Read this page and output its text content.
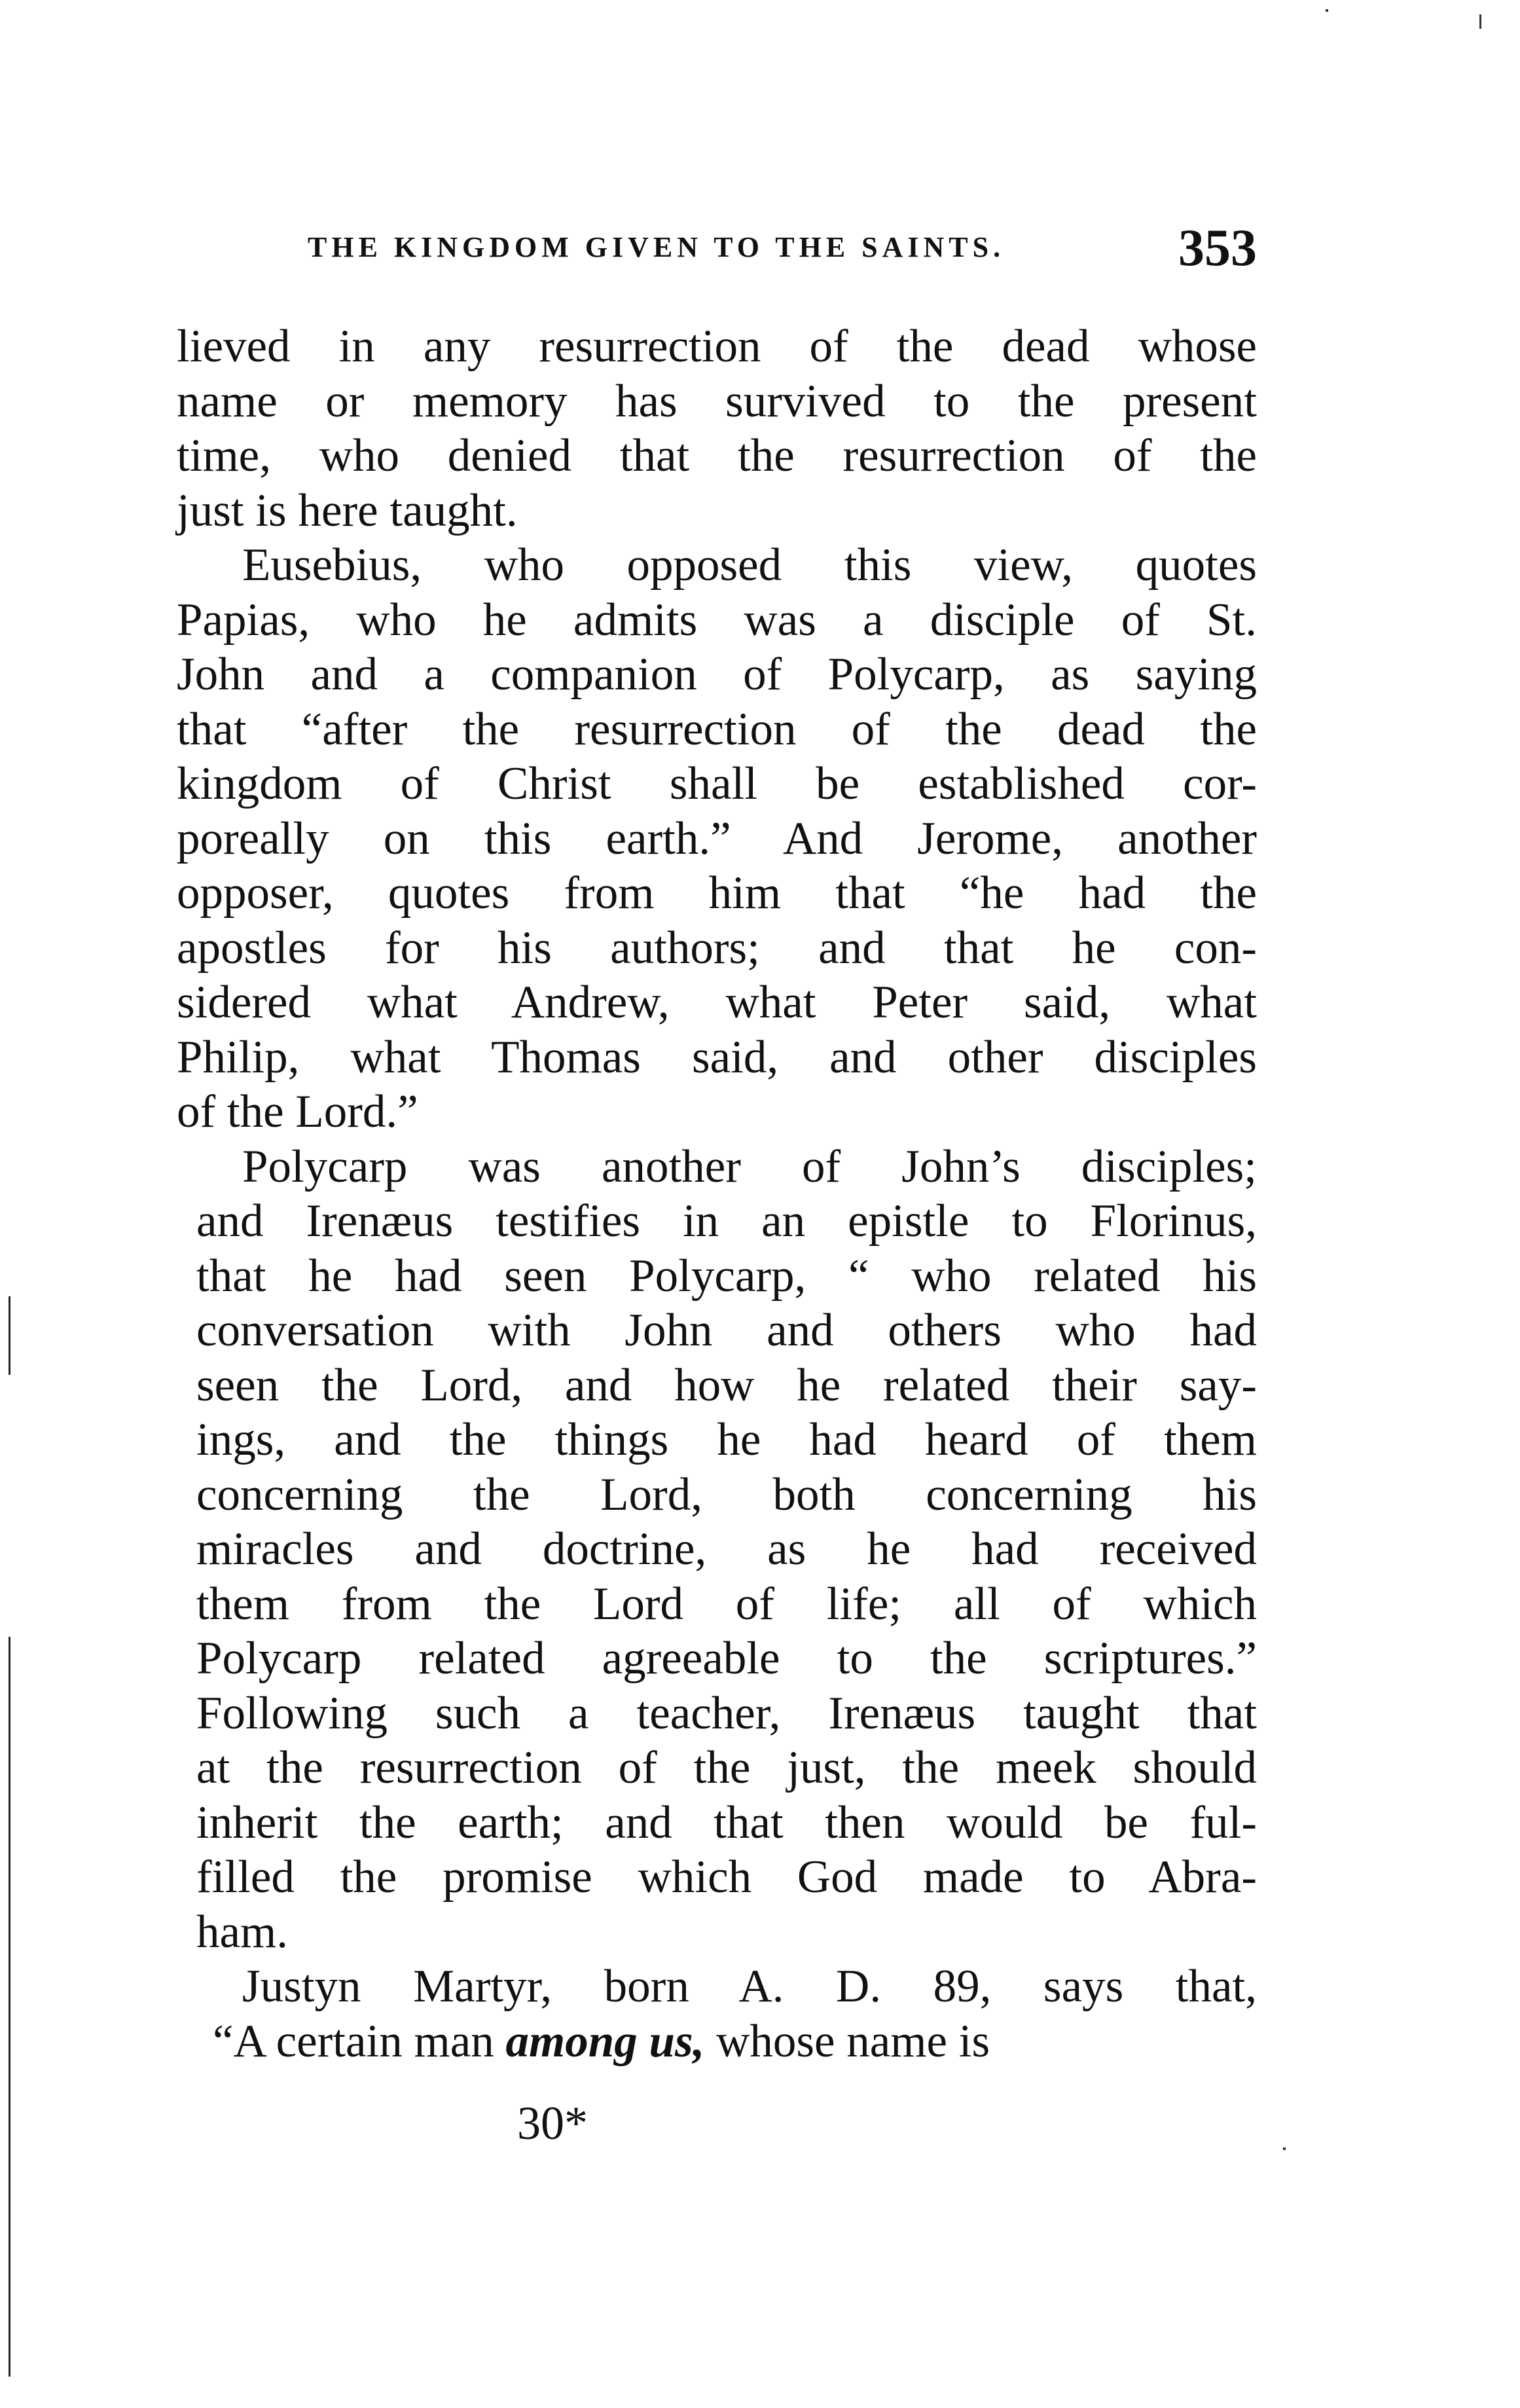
THE KINGDOM GIVEN TO THE SAINTS.	353
lieved in any resurrection of the dead whose
name or memory has survived to the present
time, who denied that the resurrection of the
just is here taught.
Eusebius, who opposed this view, quotes
Papias, who he admits was a disciple of St.
John and a companion of Polycarp, as saying
that “after the resurrection of the dead the
kingdom of Christ shall be established cor-
poreally on this earth.” And Jerome, another
opposer, quotes from him that “he had the
apostles for his authors; and that he con-
sidered what Andrew, what Peter said, what
Philip, what Thomas said, and other disciples
of the Lord.”
Polycarp was another of John’s disciples;
and Irenæus testifies in an epistle to Florinus,
that he had seen Polycarp, “ who related his
conversation with John and others who had
seen the Lord, and how he related their say-
ings, and the things he had heard of them
concerning the Lord, both concerning his
miracles and doctrine, as he had received
them from the Lord of life; all of which
Polycarp related agreeable to the scriptures.”
Following such a teacher, Irenæus taught that
at the resurrection of the just, the meek should
inherit the earth; and that then would be ful-
filled the promise which God made to Abra-
ham.
Justyn Martyr, born A. D. 89, says that,
“A certain man among us, whose name is
30*
